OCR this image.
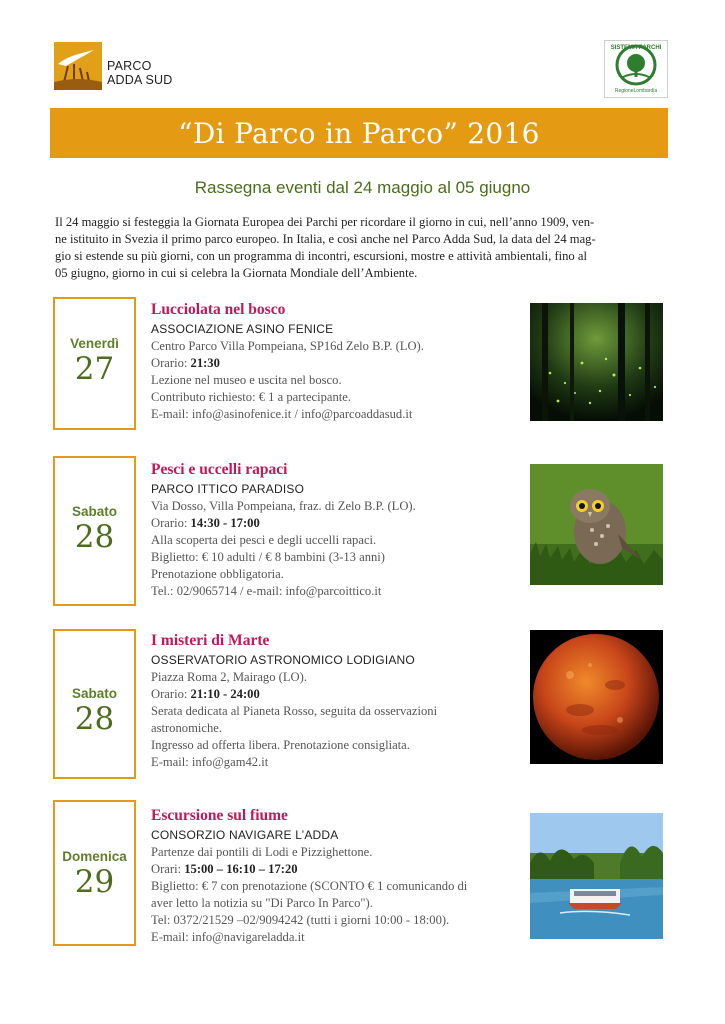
PARCO
ADDA SUD
SISTEMA PARCHI
RegioneLombardia
“Di Parco in Parco” 2016
Rassegna eventi dal 24 maggio al 05 giugno
Il 24 maggio si festeggia la Giornata Europea dei Parchi per ricordare il giorno in cui, nell’anno 1909, ven-
ne istituito in Svezia il primo parco europeo. In Italia, e così anche nel Parco Adda Sud, la data del 24 mag-
gio si estende su più giorni, con un programma di incontri, escursioni, mostre e attività ambientali, fino al
05 giugno, giorno in cui si celebra la Giornata Mondiale dell’Ambiente.
Venerdì
27
Lucciolata nel bosco
ASSOCIAZIONE ASINO FENICE
Centro Parco Villa Pompeiana, SP16d Zelo B.P. (LO).
Orario: 21:30
Lezione nel museo e uscita nel bosco.
Contributo richiesto: € 1 a partecipante.
E-mail: info@asinofenice.it / info@parcoaddasud.it
Sabato
28
Pesci e uccelli rapaci
PARCO ITTICO PARADISO
Via Dosso, Villa Pompeiana, fraz. di Zelo B.P. (LO).
Orario: 14:30 - 17:00
Alla scoperta dei pesci e degli uccelli rapaci.
Biglietto: € 10 adulti / € 8 bambini (3-13 anni)
Prenotazione obbligatoria.
Tel.: 02/9065714 / e-mail: info@parcoittico.it
Sabato
28
I misteri di Marte
OSSERVATORIO ASTRONOMICO LODIGIANO
Piazza Roma 2, Mairago (LO).
Orario: 21:10 - 24:00
Serata dedicata al Pianeta Rosso, seguita da osservazioni
astronomiche.
Ingresso ad offerta libera. Prenotazione consigliata.
E-mail: info@gam42.it
Domenica
29
Escursione sul fiume
CONSORZIO NAVIGARE L’ADDA
Partenze dai pontili di Lodi e Pizzighettone.
Orari: 15:00 – 16:10 – 17:20
Biglietto: € 7 con prenotazione (SCONTO € 1 comunicando di
aver letto la notizia su "Di Parco In Parco").
Tel: 0372/21529 –02/9094242 (tutti i giorni 10:00 - 18:00).
E-mail: info@navigareladda.it
